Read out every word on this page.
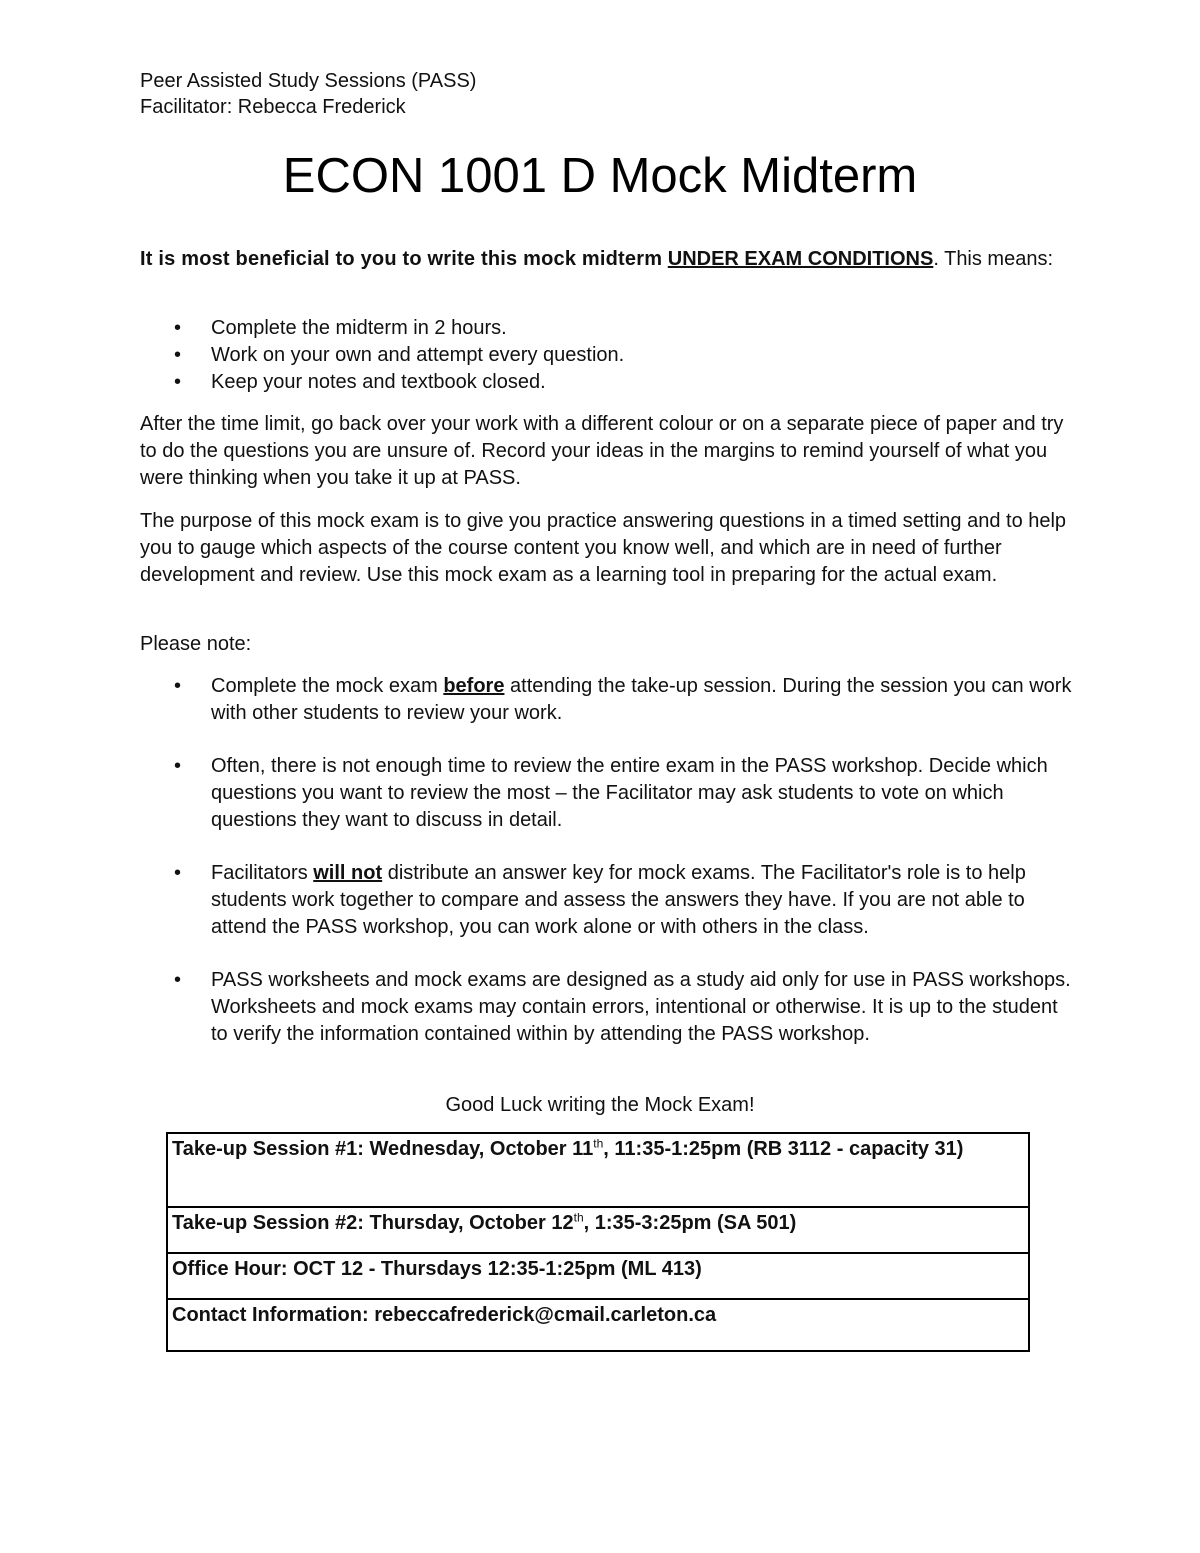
Peer Assisted Study Sessions (PASS)
Facilitator: Rebecca Frederick
ECON 1001 D Mock Midterm
It is most beneficial to you to write this mock midterm UNDER EXAM CONDITIONS. This means:
• Complete the midterm in 2 hours.
• Work on your own and attempt every question.
• Keep your notes and textbook closed.
After the time limit, go back over your work with a different colour or on a separate piece of paper and try to do the questions you are unsure of. Record your ideas in the margins to remind yourself of what you were thinking when you take it up at PASS.
The purpose of this mock exam is to give you practice answering questions in a timed setting and to help you to gauge which aspects of the course content you know well, and which are in need of further development and review. Use this mock exam as a learning tool in preparing for the actual exam.
Please note:
• Complete the mock exam before attending the take-up session. During the session you can work with other students to review your work.
• Often, there is not enough time to review the entire exam in the PASS workshop. Decide which questions you want to review the most – the Facilitator may ask students to vote on which questions they want to discuss in detail.
• Facilitators will not distribute an answer key for mock exams. The Facilitator's role is to help students work together to compare and assess the answers they have. If you are not able to attend the PASS workshop, you can work alone or with others in the class.
• PASS worksheets and mock exams are designed as a study aid only for use in PASS workshops. Worksheets and mock exams may contain errors, intentional or otherwise. It is up to the student to verify the information contained within by attending the PASS workshop.
Good Luck writing the Mock Exam!
Take-up Session #1: Wednesday, October 11th, 11:35-1:25pm (RB 3112 - capacity 31)
Take-up Session #2: Thursday, October 12th, 1:35-3:25pm (SA 501)
Office Hour: OCT 12 - Thursdays 12:35-1:25pm (ML 413)
Contact Information: rebeccafrederick@cmail.carleton.ca
